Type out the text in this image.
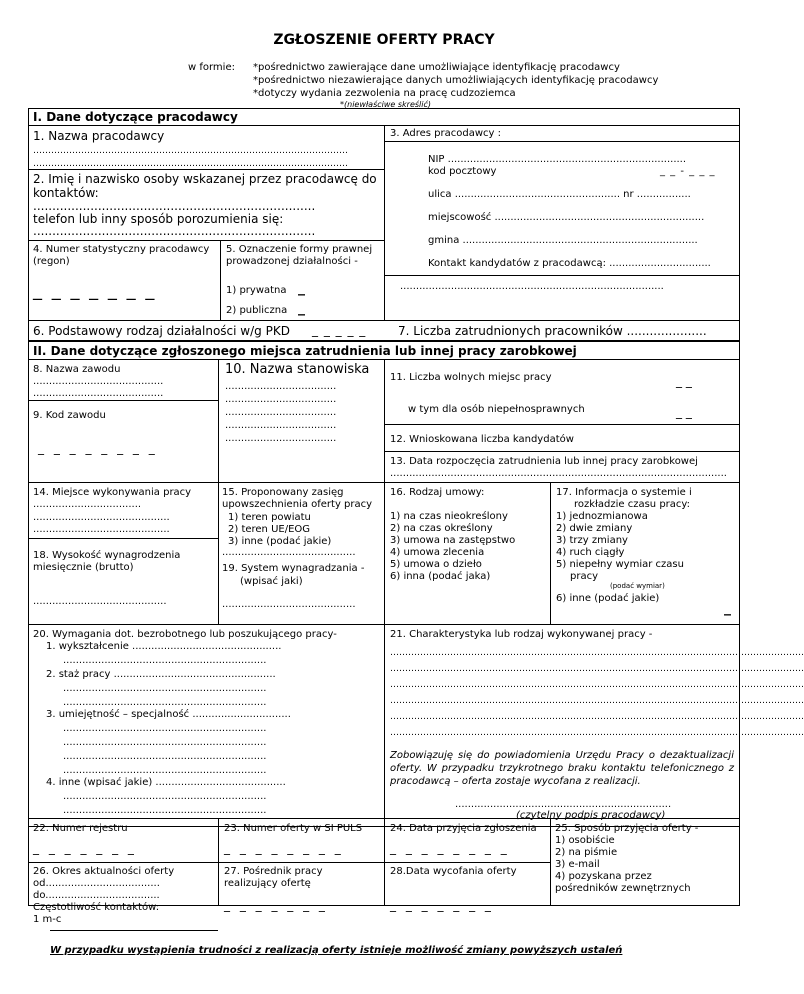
ZGŁOSZENIE OFERTY PRACY
w formie: *pośrednictwo zawierające dane umożliwiające identyfikację pracodawcy
*pośrednictwo niezawierające danych umożliwiających identyfikację pracodawcy
*dotyczy wydania zezwolenia na pracę cudzoziemca
*(niewłaściwe skreślić)
I. Dane dotyczące pracodawcy
1. Nazwa pracodawcy
……………………………………………………………………………………………
……………………………………………………………………………………………
2. Imię i nazwisko osoby wskazanej przez pracodawcę do kontaktów:
..........................................................................
telefon lub inny sposób porozumienia się:
..........................................................................
4. Numer statystyczny pracodawcy (regon)
_ _ _ _ _ _ _
5. Oznaczenie formy prawnej prowadzonej działalności -
1) prywatna _
2) publiczna _
3. Adres pracodawcy :
NIP ...........................................................................
kod pocztowy	_ _ - _ _ _
ulica .................................................... nr .................
miejscowość ..................................................................
gmina ..........................................................................
Kontakt kandydatów z pracodawcą: ................................
...................................................................................
6. Podstawowy rodzaj działalności w/g PKD _ _ _ _ _	7. Liczba zatrudnionych pracowników .....................
II. Dane dotyczące zgłoszonego miejsca zatrudnienia lub innej pracy zarobkowej
8. Nazwa zawodu
.........................................
.........................................
9. Kod zawodu
_ _ _ _ _ _ _ _
10. Nazwa stanowiska
...................................
...................................
...................................
...................................
...................................
11. Liczba wolnych miejsc pracy	_ _
w tym dla osób niepełnosprawnych	_ _
12. Wnioskowana liczba kandydatów
13. Data rozpoczęcia zatrudnienia lub innej pracy zarobkowej
..........................................................................................................
14. Miejsce wykonywania pracy ..................................
...........................................
...........................................
18. Wysokość wynagrodzenia miesięcznie (brutto)
..........................................
15. Proponowany zasięg upowszechnienia oferty pracy
1) teren powiatu
2) teren UE/EOG
3) inne (podać jakie)
..........................................
19. System wynagradzania -
(wpisać jaki)
..........................................
16. Rodzaj umowy:
1) na czas nieokreślony
2) na czas określony
3) umowa na zastępstwo
4) umowa zlecenia
5) umowa o dzieło
6) inna (podać jaka)
17. Informacja o systemie i
rozkładzie czasu pracy:
1) jednozmianowa
2) dwie zmiany
3) trzy zmiany
4) ruch ciągły
5) niepełny wymiar czasu
pracy
(podać wymiar)
6) inne (podać jakie)
_
20. Wymagania dot. bezrobotnego lub poszukującego pracy-
1. wykształcenie ...............................................
................................................................
2. staż pracy ...................................................
................................................................
................................................................
3. umiejętność – specjalność ...............................
................................................................
................................................................
................................................................
................................................................
4. inne (wpisać jakie) .........................................
................................................................
................................................................
21. Charakterystyka lub rodzaj wykonywanej pracy -
…………………………………………………………………………………………………………………………
…………………………………………………………………………………………………………………………
…………………………………………………………………………………………………………………………
…………………………………………………………………………………………………………………………
…………………………………………………………………………………………………………………………
…………………………………………………………………………………………………………………………
Zobowiązuję się do powiadomienia Urzędu Pracy o dezaktualizacji oferty. W przypadku trzykrotnego braku kontaktu telefonicznego z pracodawcą – oferta zostaje wycofana z realizacji.
....................................................................
(czytelny podpis pracodawcy)
22. Numer rejestru
_ _ _ _ _ _ _
23. Numer oferty w SI PULS
_ _ _ _ _ _ _ _
24. Data przyjęcia zgłoszenia
_ _ _ _ _ _ _ _
25. Sposób przyjęcia oferty -
1) osobiście
2) na piśmie
3) e-mail
4) pozyskana przez
pośredników zewnętrznych
26. Okres aktualności oferty
od....................................
do....................................
Częstotliwość kontaktów:
1 m-c
27. Pośrednik pracy realizujący ofertę
_ _ _ _ _ _ _
28.Data wycofania oferty
_ _ _ _ _ _ _
W przypadku wystąpienia trudności z realizacją oferty istnieje możliwość zmiany powyższych ustaleń
